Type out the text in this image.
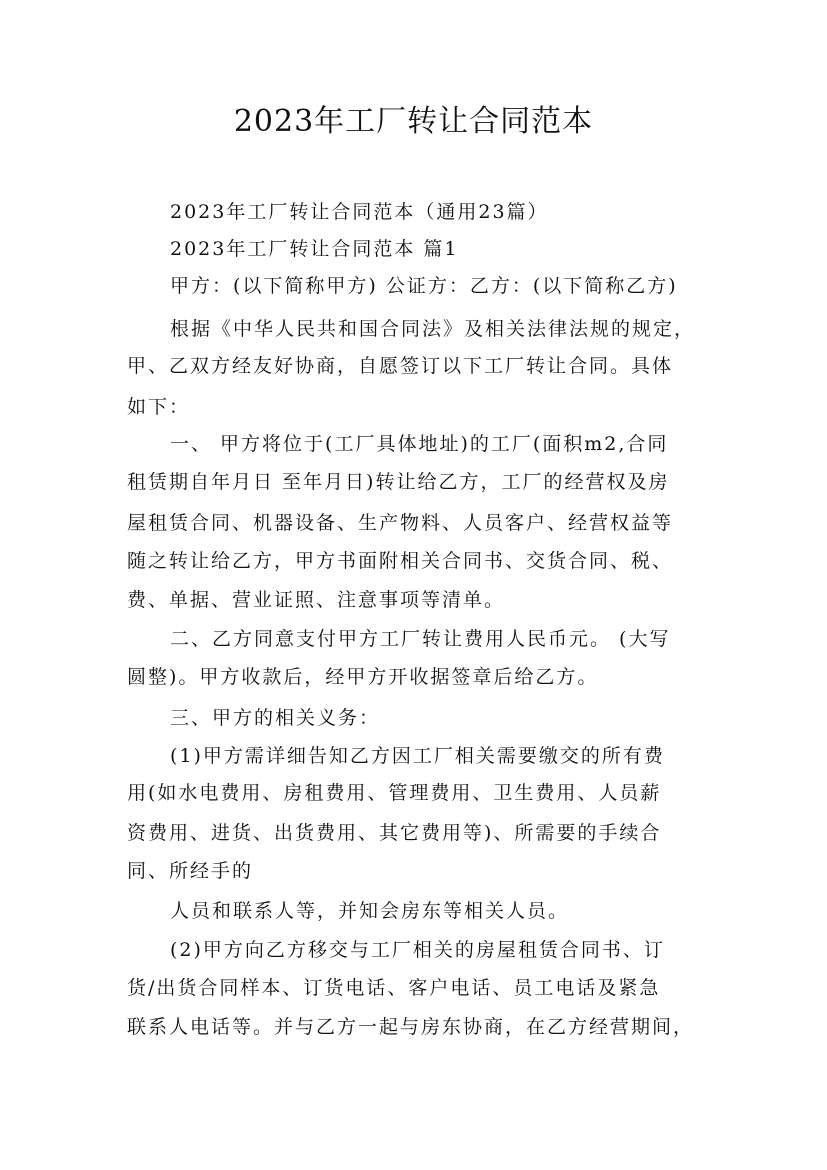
2023年工厂转让合同范本

2023年工厂转让合同范本（通用23篇）

2023年工厂转让合同范本 篇1

甲方：(以下简称甲方) 公证方：乙方：(以下简称乙方)

根据《中华人民共和国合同法》及相关法律法规的规定，

甲、乙双方经友好协商，自愿签订以下工厂转让合同。具体

如下：

一、 甲方将位于(工厂具体地址)的工厂(面积m2,合同

租赁期自年月日 至年月日)转让给乙方，工厂的经营权及房

屋租赁合同、机器设备、生产物料、人员客户、经营权益等

随之转让给乙方，甲方书面附相关合同书、交货合同、税、

费、单据、营业证照、注意事项等清单。

二、乙方同意支付甲方工厂转让费用人民币元。 (大写

圆整)。甲方收款后，经甲方开收据签章后给乙方。

三、甲方的相关义务：

(1)甲方需详细告知乙方因工厂相关需要缴交的所有费

用(如水电费用、房租费用、管理费用、卫生费用、人员薪

资费用、进货、出货费用、其它费用等)、所需要的手续合

同、所经手的

人员和联系人等，并知会房东等相关人员。

(2)甲方向乙方移交与工厂相关的房屋租赁合同书、订

货/出货合同样本、订货电话、客户电话、员工电话及紧急

联系人电话等。并与乙方一起与房东协商，在乙方经营期间，
